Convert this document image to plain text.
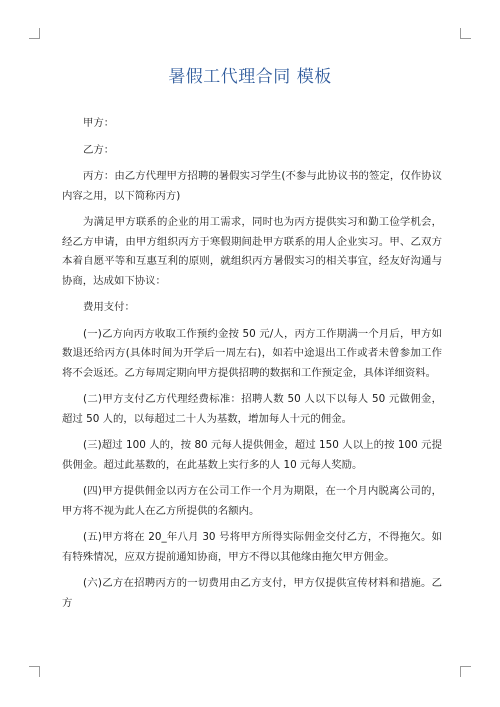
暑假工代理合同 模板

甲方：

乙方：

丙方：由乙方代理甲方招聘的暑假实习学生(不参与此协议书的签定，仅作协议内容之用，以下简称丙方)

为满足甲方联系的企业的用工需求，同时也为丙方提供实习和勤工俭学机会，经乙方申请，由甲方组织丙方于寒假期间赴甲方联系的用人企业实习。甲、乙双方本着自愿平等和互惠互利的原则，就组织丙方暑假实习的相关事宜，经友好沟通与协商，达成如下协议：

费用支付：

(一)乙方向丙方收取工作预约金按 50 元/人，丙方工作期满一个月后，甲方如数退还给丙方(具体时间为开学后一周左右)，如若中途退出工作或者未曾参加工作将不会返还。乙方每周定期向甲方提供招聘的数据和工作预定金，具体详细资料。

(二)甲方支付乙方代理经费标准：招聘人数 50 人以下以每人 50 元做佣金，超过 50 人的，以每超过二十人为基数，增加每人十元的佣金。

(三)超过 100 人的，按 80 元每人提供佣金，超过 150 人以上的按 100 元提供佣金。超过此基数的，在此基数上实行多的人 10 元每人奖励。

(四)甲方提供佣金以丙方在公司工作一个月为期限，在一个月内脱离公司的，甲方将不视为此人在乙方所提供的名额内。

(五)甲方将在 20_年八月 30 号将甲方所得实际佣金交付乙方，不得拖欠。如有特殊情况，应双方提前通知协商，甲方不得以其他缘由拖欠甲方佣金。

(六)乙方在招聘丙方的一切费用由乙方支付，甲方仅提供宣传材料和措施。乙方
